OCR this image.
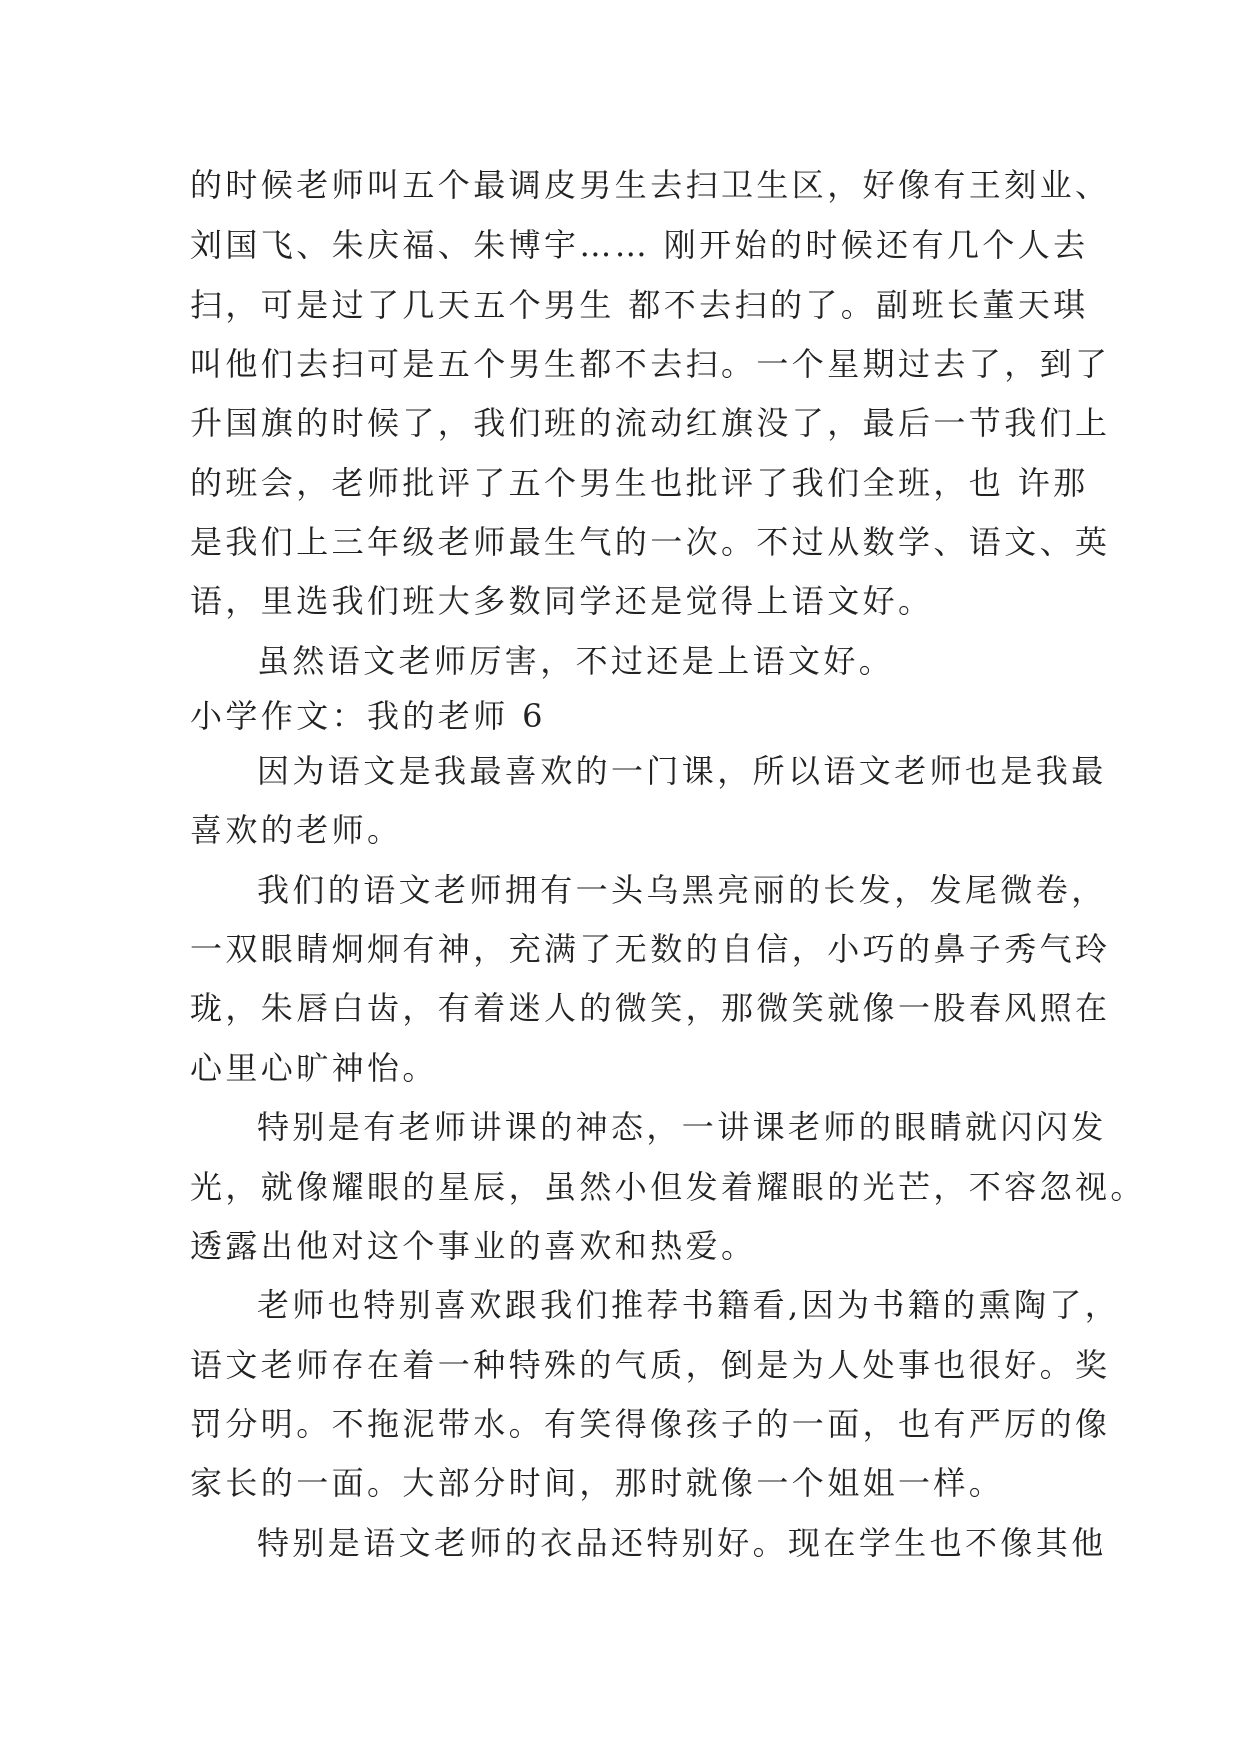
的时候老师叫五个最调皮男生去扫卫生区，好像有王刻业、
刘国飞、朱庆福、朱博宇…… 刚开始的时候还有几个人去
扫，可是过了几天五个男生 都不去扫的了。副班长董天琪
叫他们去扫可是五个男生都不去扫。一个星期过去了，到了
升国旗的时候了，我们班的流动红旗没了，最后一节我们上
的班会，老师批评了五个男生也批评了我们全班，也 许那
是我们上三年级老师最生气的一次。不过从数学、语文、英
语，里选我们班大多数同学还是觉得上语文好。
虽然语文老师厉害，不过还是上语文好。
小学作文：我的老师 6
因为语文是我最喜欢的一门课，所以语文老师也是我最
喜欢的老师。
我们的语文老师拥有一头乌黑亮丽的长发，发尾微卷，
一双眼睛炯炯有神，充满了无数的自信，小巧的鼻子秀气玲
珑，朱唇白齿，有着迷人的微笑，那微笑就像一股春风照在
心里心旷神怡。
特别是有老师讲课的神态，一讲课老师的眼睛就闪闪发
光，就像耀眼的星辰，虽然小但发着耀眼的光芒，不容忽视。
透露出他对这个事业的喜欢和热爱。
老师也特别喜欢跟我们推荐书籍看,因为书籍的熏陶了，
语文老师存在着一种特殊的气质，倒是为人处事也很好。奖
罚分明。不拖泥带水。有笑得像孩子的一面，也有严厉的像
家长的一面。大部分时间，那时就像一个姐姐一样。
特别是语文老师的衣品还特别好。现在学生也不像其他
